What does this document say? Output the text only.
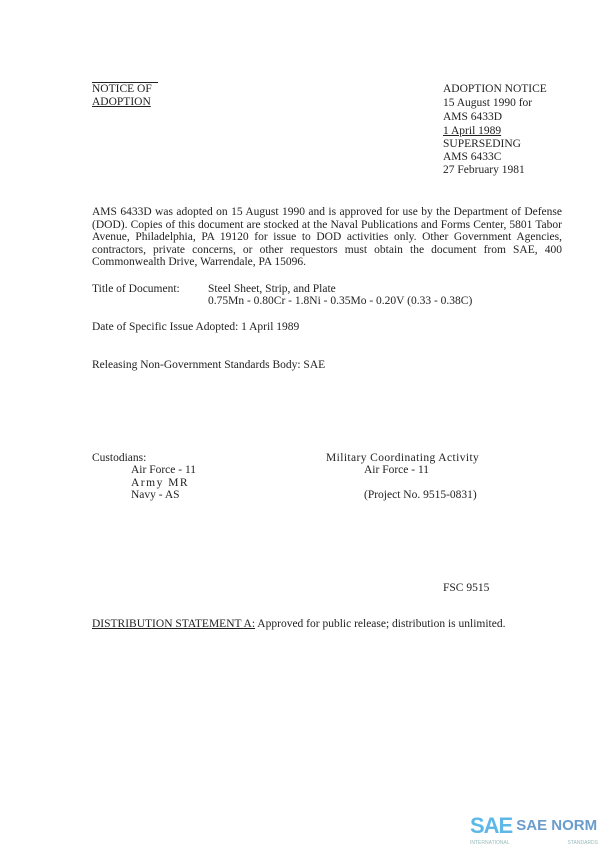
NOTICE OF
ADOPTION
ADOPTION NOTICE
15 August 1990 for
AMS 6433D
1 April 1989
SUPERSEDING
AMS 6433C
27 February 1981
AMS 6433D was adopted on 15 August 1990 and is approved for use by the Department of Defense (DOD). Copies of this document are stocked at the Naval Publications and Forms Center, 5801 Tabor Avenue, Philadelphia, PA 19120 for issue to DOD activities only. Other Government Agencies, contractors, private concerns, or other requestors must obtain the document from SAE, 400 Commonwealth Drive, Warrendale, PA 15096.
Title of Document:	Steel Sheet, Strip, and Plate
0.75Mn - 0.80Cr - 1.8Ni - 0.35Mo - 0.20V (0.33 - 0.38C)
Date of Specific Issue Adopted: 1 April 1989
Releasing Non-Government Standards Body: SAE
Custodians:
Air Force - 11
Army MR
Navy - AS
Military Coordinating Activity
Air Force - 11
(Project No. 9515-0831)
FSC 9515
DISTRIBUTION STATEMENT A: Approved for public release; distribution is unlimited.
SAE SAE NORM
INTERNATIONAL	STANDARDS
